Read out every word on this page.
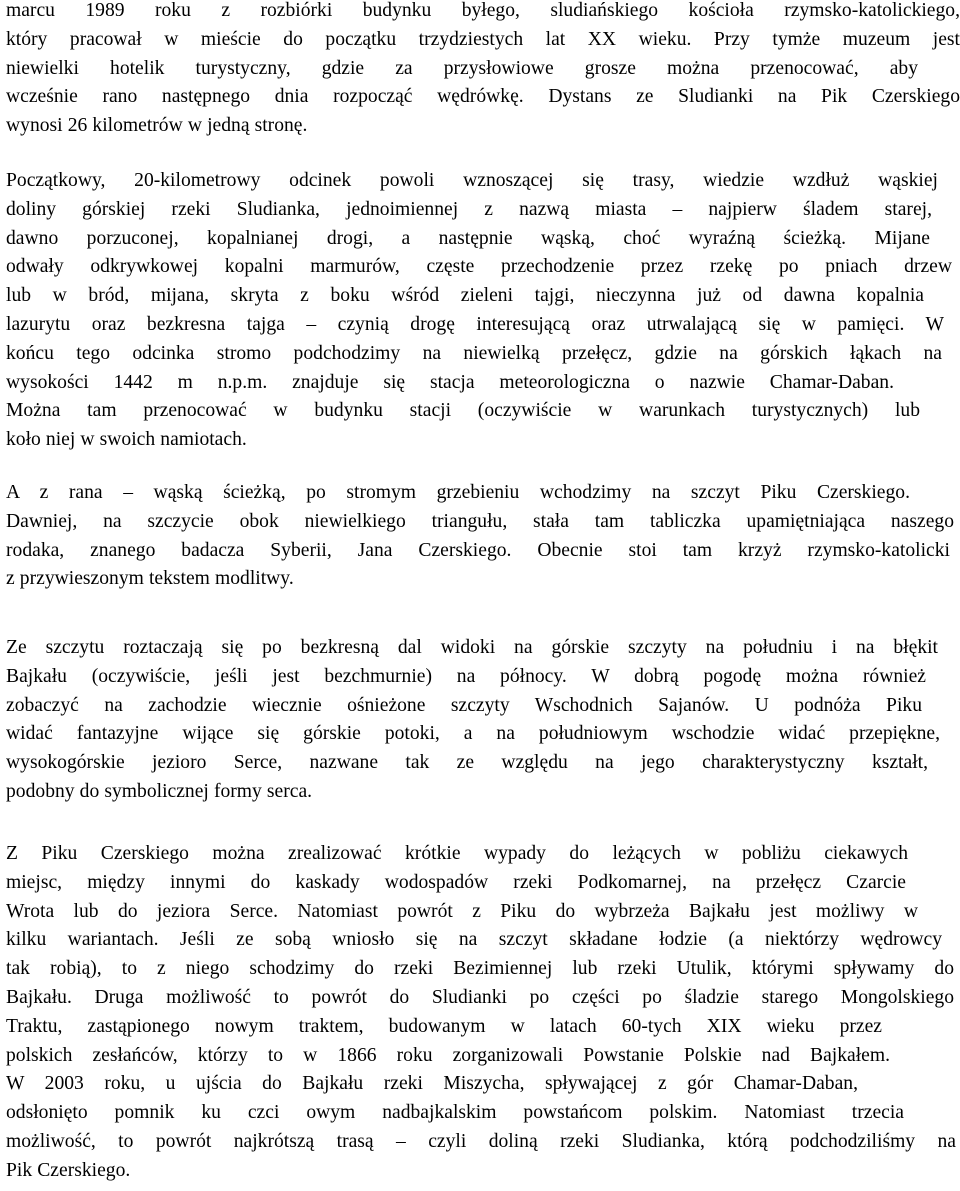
marcu 1989 roku z rozbiórki budynku byłego, sludiańskiego kościoła rzymsko-katolickiego,
który pracował w mieście do początku trzydziestych lat XX wieku. Przy tymże muzeum jest
niewielki hotelik turystyczny, gdzie za przysłowiowe grosze można przenocować, aby
wcześnie rano następnego dnia rozpocząć wędrówkę. Dystans ze Sludianki na Pik Czerskiego
wynosi 26 kilometrów w jedną stronę.
Początkowy, 20-kilometrowy odcinek powoli wznoszącej się trasy, wiedzie wzdłuż wąskiej
doliny górskiej rzeki Sludianka, jednoimiennej z nazwą miasta – najpierw śladem starej,
dawno porzuconej, kopalnianej drogi, a następnie wąską, choć wyraźną ścieżką. Mijane
odwały odkrywkowej kopalni marmurów, częste przechodzenie przez rzekę po pniach drzew
lub w bród, mijana, skryta z boku wśród zieleni tajgi, nieczynna już od dawna kopalnia
lazurytu oraz bezkresna tajga – czynią drogę interesującą oraz utrwalającą się w pamięci. W
końcu tego odcinka stromo podchodzimy na niewielką przełęcz, gdzie na górskich łąkach na
wysokości 1442 m n.p.m. znajduje się stacja meteorologiczna o nazwie Chamar-Daban.
Można tam przenocować w budynku stacji (oczywiście w warunkach turystycznych) lub
koło niej w swoich namiotach.
A z rana – wąską ścieżką, po stromym grzebieniu wchodzimy na szczyt Piku Czerskiego.
Dawniej, na szczycie obok niewielkiego triangułu, stała tam tabliczka upamiętniająca naszego
rodaka, znanego badacza Syberii, Jana Czerskiego. Obecnie stoi tam krzyż rzymsko-katolicki
z przywieszonym tekstem modlitwy.
Ze szczytu roztaczają się po bezkresną dal widoki na górskie szczyty na południu i na błękit
Bajkału (oczywiście, jeśli jest bezchmurnie) na północy. W dobrą pogodę można również
zobaczyć na zachodzie wiecznie ośnieżone szczyty Wschodnich Sajanów. U podnóża Piku
widać fantazyjne wijące się górskie potoki, a na południowym wschodzie widać przepiękne,
wysokogórskie jezioro Serce, nazwane tak ze względu na jego charakterystyczny kształt,
podobny do symbolicznej formy serca.
Z Piku Czerskiego można zrealizować krótkie wypady do leżących w pobliżu ciekawych
miejsc, między innymi do kaskady wodospadów rzeki Podkomarnej, na przełęcz Czarcie
Wrota lub do jeziora Serce. Natomiast powrót z Piku do wybrzeża Bajkału jest możliwy w
kilku wariantach. Jeśli ze sobą wniosło się na szczyt składane łodzie (a niektórzy wędrowcy
tak robią), to z niego schodzimy do rzeki Bezimiennej lub rzeki Utulik, którymi spływamy do
Bajkału. Druga możliwość to powrót do Sludianki po części po śladzie starego Mongolskiego
Traktu, zastąpionego nowym traktem, budowanym w latach 60-tych XIX wieku przez
polskich zesłańców, którzy to w 1866 roku zorganizowali Powstanie Polskie nad Bajkałem.
W 2003 roku, u ujścia do Bajkału rzeki Miszycha, spływającej z gór Chamar-Daban,
odsłonięto pomnik ku czci owym nadbajkalskim powstańcom polskim. Natomiast trzecia
możliwość, to powrót najkrótszą trasą – czyli doliną rzeki Sludianka, którą podchodziliśmy na
Pik Czerskiego.
